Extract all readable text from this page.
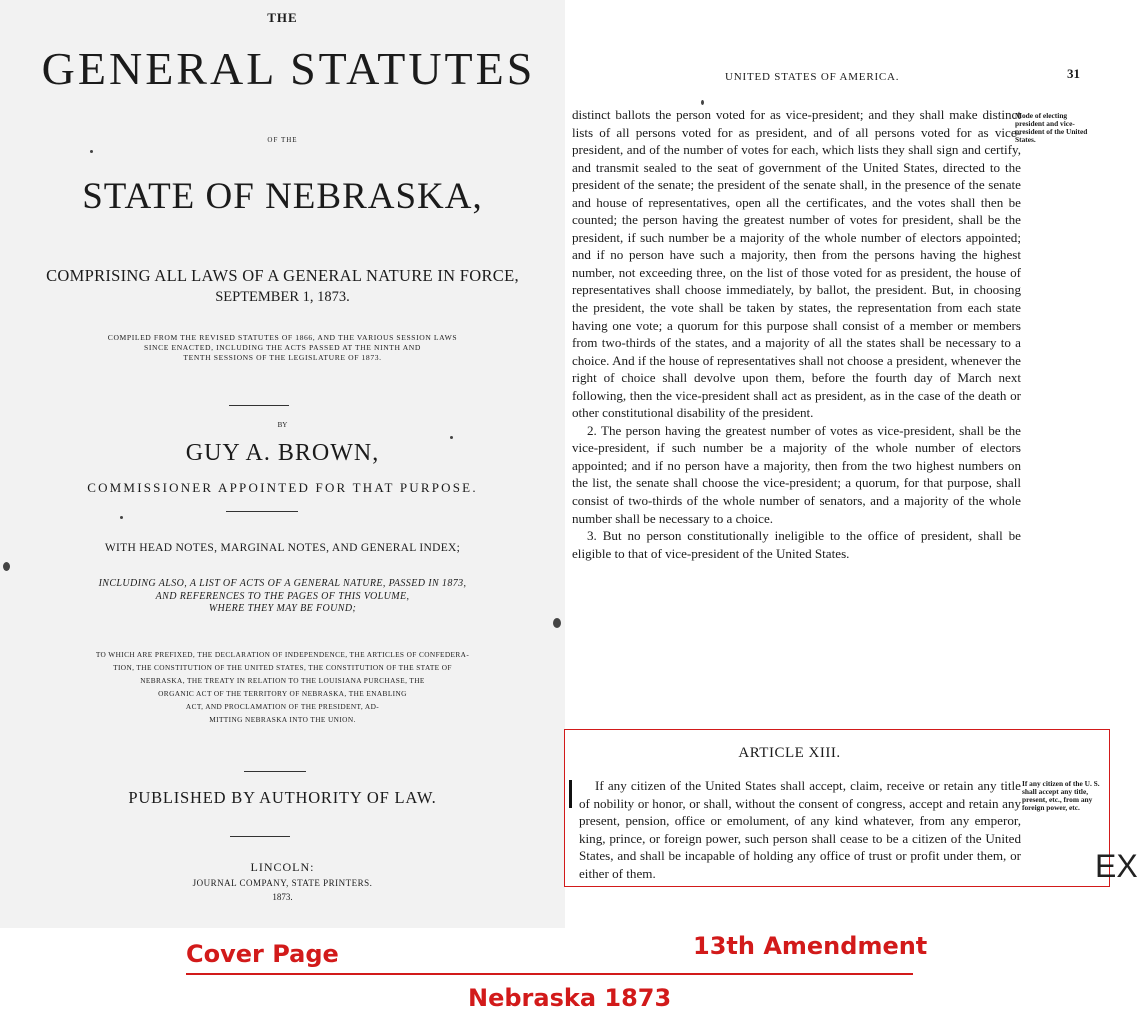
THE
GENERAL STATUTES
OF THE
STATE OF NEBRASKA,
COMPRISING ALL LAWS OF A GENERAL NATURE IN FORCE,
SEPTEMBER 1, 1873.
COMPILED FROM THE REVISED STATUTES OF 1866, AND THE VARIOUS SESSION LAWS
SINCE ENACTED, INCLUDING THE ACTS PASSED AT THE NINTH AND
TENTH SESSIONS OF THE LEGISLATURE OF 1873.
BY
GUY A. BROWN,
COMMISSIONER APPOINTED FOR THAT PURPOSE.
WITH HEAD NOTES, MARGINAL NOTES, AND GENERAL INDEX;
INCLUDING ALSO, A LIST OF ACTS OF A GENERAL NATURE, PASSED IN 1873,
AND REFERENCES TO THE PAGES OF THIS VOLUME,
WHERE THEY MAY BE FOUND;
TO WHICH ARE PREFIXED, THE DECLARATION OF INDEPENDENCE, THE ARTICLES OF CONFEDERA-
TION, THE CONSTITUTION OF THE UNITED STATES, THE CONSTITUTION OF THE STATE OF
NEBRASKA, THE TREATY IN RELATION TO THE LOUISIANA PURCHASE, THE
ORGANIC ACT OF THE TERRITORY OF NEBRASKA, THE ENABLING
ACT, AND PROCLAMATION OF THE PRESIDENT, AD-
MITTING NEBRASKA INTO THE UNION.
PUBLISHED BY AUTHORITY OF LAW.
LINCOLN:
JOURNAL COMPANY, STATE PRINTERS.
1873.
UNITED STATES OF AMERICA.	31

distinct ballots the person voted for as vice-president; and they shall make distinct lists of all persons voted for as president, and of all persons voted for as vice-president, and of the number of votes for each, which lists they shall sign and certify, and transmit sealed to the seat of government of the United States, directed to the president of the senate; the president of the senate shall, in the presence of the senate and house of representatives, open all the certificates, and the votes shall then be counted; the person having the greatest number of votes for president, shall be the president, if such number be a majority of the whole number of electors appointed; and if no person have such a majority, then from the persons having the highest number, not exceeding three, on the list of those voted for as president, the house of representatives shall choose immediately, by ballot, the president. But, in choosing the president, the vote shall be taken by states, the representation from each state having one vote; a quorum for this purpose shall consist of a member or members from two-thirds of the states, and a majority of all the states shall be necessary to a choice. And if the house of representatives shall not choose a president, whenever the right of choice shall devolve upon them, before the fourth day of March next following, then the vice-president shall act as president, as in the case of the death or other constitutional disability of the president.

2. The person having the greatest number of votes as vice-president, shall be the vice-president, if such number be a majority of the whole number of electors appointed; and if no person have a majority, then from the two highest numbers on the list, the senate shall choose the vice-president; a quorum, for that purpose, shall consist of two-thirds of the whole number of senators, and a majority of the whole number shall be necessary to a choice.

3. But no person constitutionally ineligible to the office of president, shall be eligible to that of vice-president of the United States.

Mode of electing president and vice-president of the United States.
ARTICLE XIII.

If any citizen of the United States shall accept, claim, receive or retain any title of nobility or honor, or shall, without the consent of congress, accept and retain any present, pension, office or emolument, of any kind whatever, from any emperor, king, prince, or foreign power, such person shall cease to be a citizen of the United States, and shall be incapable of holding any office of trust or profit under them, or either of them.

If any citizen of the U. S. shall accept any title, present, etc., from any foreign power, etc.
EX
Cover Page	13th Amendment
Nebraska 1873
